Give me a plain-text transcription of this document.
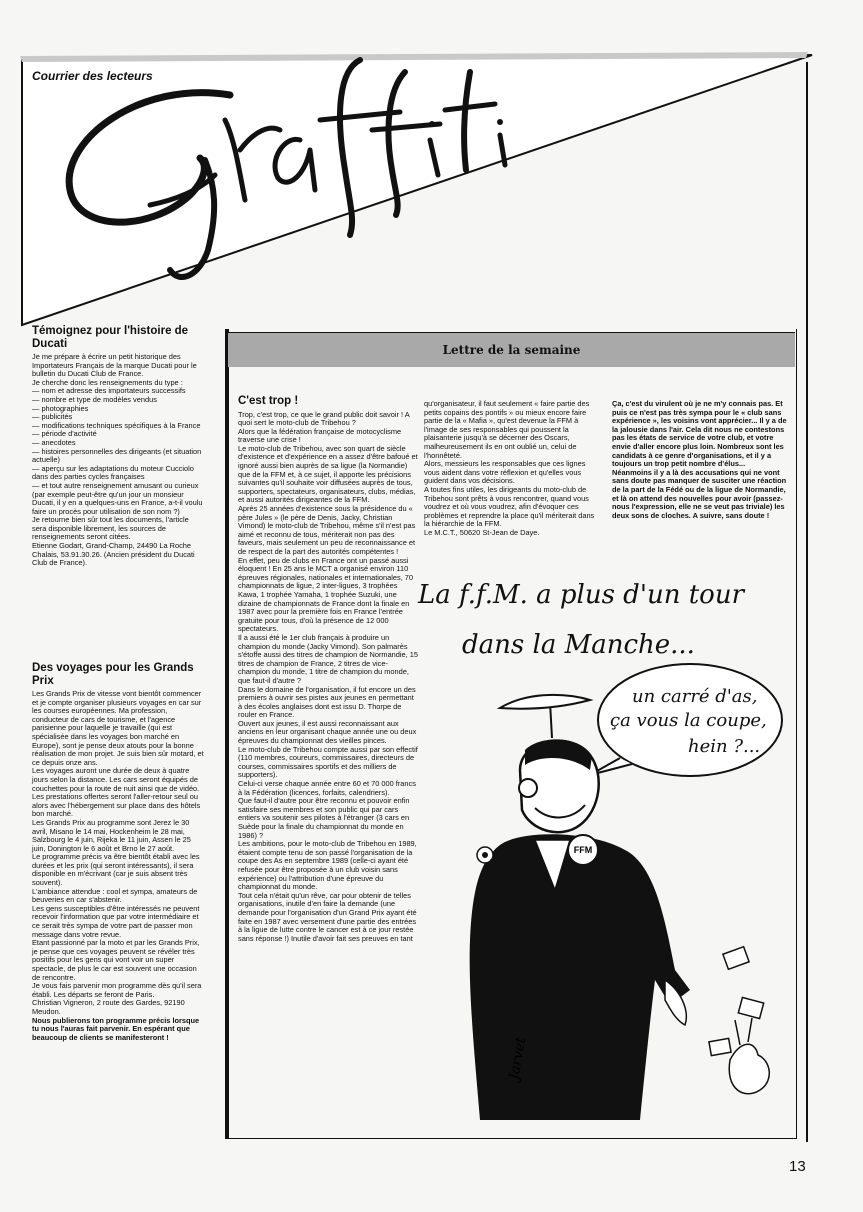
Courrier des lecteurs
Témoignez pour l'histoire de Ducati

Je me prépare à écrire un petit historique des Importateurs Français de la marque Ducati pour le bulletin du Ducati Club de France.

Je cherche donc les renseignements du type :

— nom et adresse des importateurs successifs

— nombre et type de modèles vendus

— photographies

— publicités

— modifications techniques spécifiques à la France

— période d'activité

— anecdotes

— histoires personnelles des dirigeants (et situation actuelle)

— aperçu sur les adaptations du moteur Cucciolo dans des parties cycles françaises

— et tout autre renseignement amusant ou curieux (par exemple peut-être qu'un jour un monsieur Ducati, il y en a quelques-uns en France, a-t-il voulu faire un procès pour utilisation de son nom ?)

Je retourne bien sûr tout les documents, l'article sera disponible librement, les sources de renseignements seront citées.

Etienne Godart, Grand-Champ, 24490 La Roche Chalais, 53.91.30.26. (Ancien président du Ducati Club de France).

Des voyages pour les Grands Prix

Les Grands Prix de vitesse vont bientôt commencer et je compte organiser plusieurs voyages en car sur les courses européennes. Ma profession, conducteur de cars de tourisme, et l'agence parisienne pour laquelle je travaille (qui est spécialisée dans les voyages bon marché en Europe), sont je pense deux atouts pour la bonne réalisation de mon projet. Je suis bien sûr motard, et ce depuis onze ans.

Les voyages auront une durée de deux à quatre jours selon la distance. Les cars seront équipés de couchettes pour la route de nuit ainsi que de vidéo. Les prestations offertes seront l'aller-retour seul ou alors avec l'hébergement sur place dans des hôtels bon marché.

Les Grands Prix au programme sont Jerez le 30 avril, Misano le 14 mai, Hockenheim le 28 mai, Salzbourg le 4 juin, Rijeka le 11 juin, Assen le 25 juin, Donington le 6 août et Brno le 27 août.

Le programme précis va être bientôt établi avec les durées et les prix (qui seront intéressants), il sera disponible en m'écrivant (car je suis absent très souvent).

L'ambiance attendue : cool et sympa, amateurs de beuveries en car s'abstenir.

Les gens susceptibles d'être intéressés ne peuvent recevoir l'information que par votre intermédiaire et ce serait très sympa de votre part de passer mon message dans votre revue.

Etant passionné par la moto et par les Grands Prix, je pense que ces voyages peuvent se révéler très positifs pour les gens qui vont voir un super spectacle, de plus le car est souvent une occasion de rencontre.

Je vous fais parvenir mon programme dès qu'il sera établi. Les départs se feront de Paris.

Christian Vigneron, 2 route des Gardes, 92190 Meudon.

Nous publierons ton programme précis lorsque tu nous l'auras fait parvenir. En espérant que beaucoup de clients se manifesteront !

Lettre de la semaine
C'est trop !

Trop, c'est trop, ce que le grand public doit savoir ! A quoi sert le moto-club de Tribehou ?

Alors que la fédération française de motocyclisme traverse une crise !

Le moto-club de Tribehou, avec son quart de siècle d'existence et d'expérience en a assez d'être bafoué et ignoré aussi bien auprès de sa ligue (la Normandie) que de la FFM et, à ce sujet, il apporte les précisions suivantes qu'il souhaite voir diffusées auprès de tous, supporters, spectateurs, organisateurs, clubs, médias, et aussi autorités dirigeantes de la FFM.

Après 25 années d'existence sous la présidence du « père Jules » (le père de Denis, Jacky, Christian Vimond) le moto-club de Tribehou, même s'il n'est pas aimé et reconnu de tous, mériterait non pas des faveurs, mais seulement un peu de reconnaissance et de respect de la part des autorités compétentes !

En effet, peu de clubs en France ont un passé aussi éloquent ! En 25 ans le MCT a organisé environ 110 épreuves régionales, nationales et internationales, 70 championnats de ligue, 2 inter-ligues, 3 trophées Kawa, 1 trophée Yamaha, 1 trophée Suzuki, une dizaine de championnats de France dont la finale en 1987 avec pour la première fois en France l'entrée gratuite pour tous, d'où la présence de 12 000 spectateurs.

Il a aussi été le 1er club français à produire un champion du monde (Jacky Vimond). Son palmarès s'étoffe aussi des titres de champion de Normandie, 15 titres de champion de France, 2 titres de vice-champion du monde, 1 titre de champion du monde, que faut-il d'autre ?

Dans le domaine de l'organisation, il fut encore un des premiers à ouvrir ses pistes aux jeunes en permettant à des écoles anglaises dont est issu D. Thorpe de rouler en France.

Ouvert aux jeunes, il est aussi reconnaissant aux anciens en leur organisant chaque année une ou deux épreuves du championnat des vieilles pinces.

Le moto-club de Tribehou compte aussi par son effectif (110 membres, coureurs, commissaires, directeurs de courses, commissaires sportifs et des milliers de supporters).

Celui-ci verse chaque année entre 60 et 70 000 francs à la Fédération (licences, forfaits, calendriers).

Que faut-il d'autre pour être reconnu et pouvoir enfin satisfaire ses membres et son public qui par cars entiers va soutenir ses pilotes à l'étranger (3 cars en Suède pour la finale du championnat du monde en 1986) ?

Les ambitions, pour le moto-club de Tribehou en 1989, étaient compte tenu de son passé l'organisation de la coupe des As en septembre 1989 (celle-ci ayant été refusée pour être proposée à un club voisin sans expérience) ou l'attribution d'une épreuve du championnat du monde.

Tout cela n'était qu'un rêve, car pour obtenir de telles organisations, inutile d'en faire la demande (une demande pour l'organisation d'un Grand Prix ayant été faite en 1987 avec versement d'une partie des entrées à la ligue de lutte contre le cancer est à ce jour restée sans réponse !) Inutile d'avoir fait ses preuves en tant

qu'organisateur, il faut seulement « faire partie des petits copains des pontifs » ou mieux encore faire partie de la « Mafia », qu'est devenue la FFM à l'image de ses responsables qui poussent la plaisanterie jusqu'à se décerner des Oscars, malheureusement ils en ont oublié un, celui de l'honnêteté.

Alors, messieurs les responsables que ces lignes vous aident dans votre réflexion et qu'elles vous guident dans vos décisions.

A toutes fins utiles, les dirigeants du moto-club de Tribehou sont prêts à vous rencontrer, quand vous voudrez et où vous voudrez, afin d'évoquer ces problèmes et reprendre la place qu'il mériterait dans la hiérarchie de la FFM.

Le M.C.T., 50620 St-Jean de Daye.

Ça, c'est du virulent où je ne m'y connais pas. Et puis ce n'est pas très sympa pour le « club sans expérience », les voisins vont apprécier... Il y a de la jalousie dans l'air. Cela dit nous ne contestons pas les états de service de votre club, et votre envie d'aller encore plus loin. Nombreux sont les candidats à ce genre d'organisations, et il y a toujours un trop petit nombre d'élus...

Néanmoins il y a là des accusations qui ne vont sans doute pas manquer de susciter une réaction de la part de la Fédé ou de la ligue de Normandie, et là on attend des nouvelles pour avoir (passez-nous l'expression, elle ne se veut pas triviale) les deux sons de cloches. A suivre, sans doute !

La f.f.M. a plus d'un tour
dans la Manche...
FFM
Jarvet
un carré d'as,
ça vous la coupe,
hein ?...
13
